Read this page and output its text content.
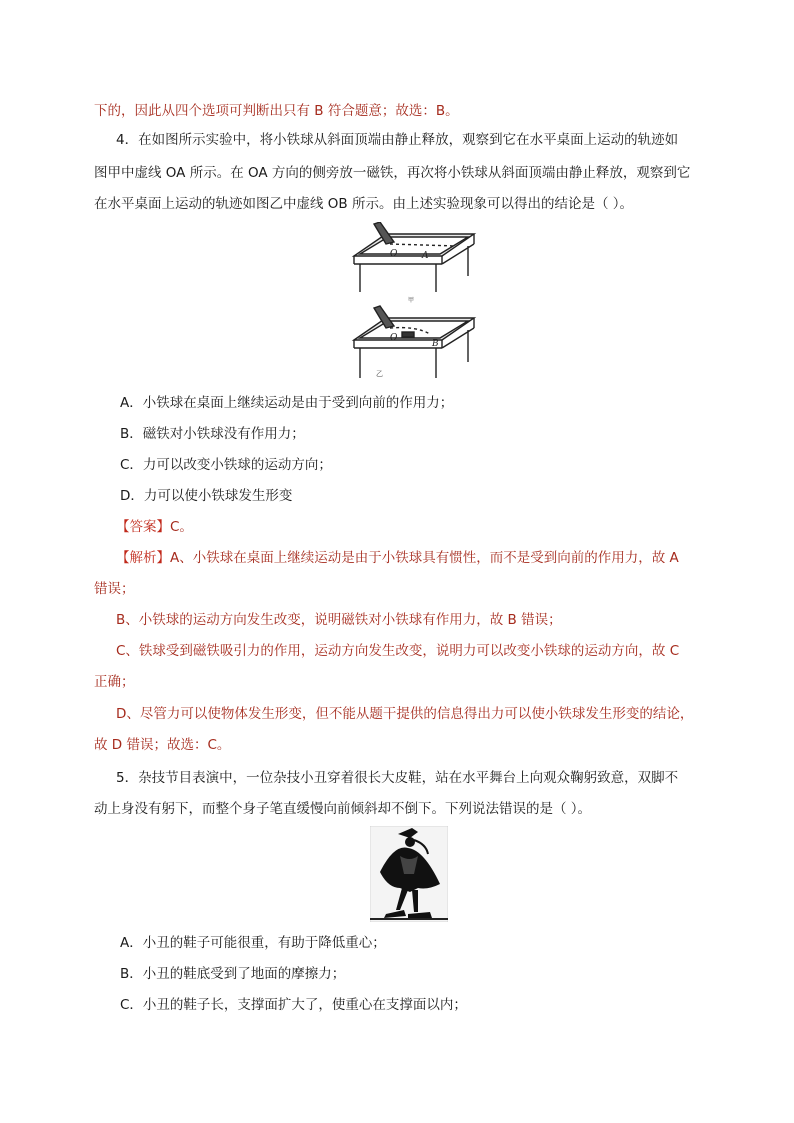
下的，因此从四个选项可判断出只有 B 符合题意；故选：B。
4．在如图所示实验中，将小铁球从斜面顶端由静止释放，观察到它在水平桌面上运动的轨迹如
图甲中虚线 OA 所示。在 OA 方向的侧旁放一磁铁，再次将小铁球从斜面顶端由静止释放，观察到它
在水平桌面上运动的轨迹如图乙中虚线 OB 所示。由上述实验现象可以得出的结论是（ ）。
O	A
甲
O
B
乙
A．小铁球在桌面上继续运动是由于受到向前的作用力；
B．磁铁对小铁球没有作用力；
C．力可以改变小铁球的运动方向；
D．力可以使小铁球发生形变
【答案】C。
【解析】A、小铁球在桌面上继续运动是由于小铁球具有惯性，而不是受到向前的作用力，故 A
错误；
B、小铁球的运动方向发生改变，说明磁铁对小铁球有作用力，故 B 错误；
C、铁球受到磁铁吸引力的作用，运动方向发生改变，说明力可以改变小铁球的运动方向，故 C
正确；
D、尽管力可以使物体发生形变，但不能从题干提供的信息得出力可以使小铁球发生形变的结论，
故 D 错误；故选：C。
5．杂技节目表演中，一位杂技小丑穿着很长大皮鞋，站在水平舞台上向观众鞠躬致意，双脚不
动上身没有躬下，而整个身子笔直缓慢向前倾斜却不倒下。下列说法错误的是（ ）。
A．小丑的鞋子可能很重，有助于降低重心；
B．小丑的鞋底受到了地面的摩擦力；
C．小丑的鞋子长，支撑面扩大了，使重心在支撑面以内；
